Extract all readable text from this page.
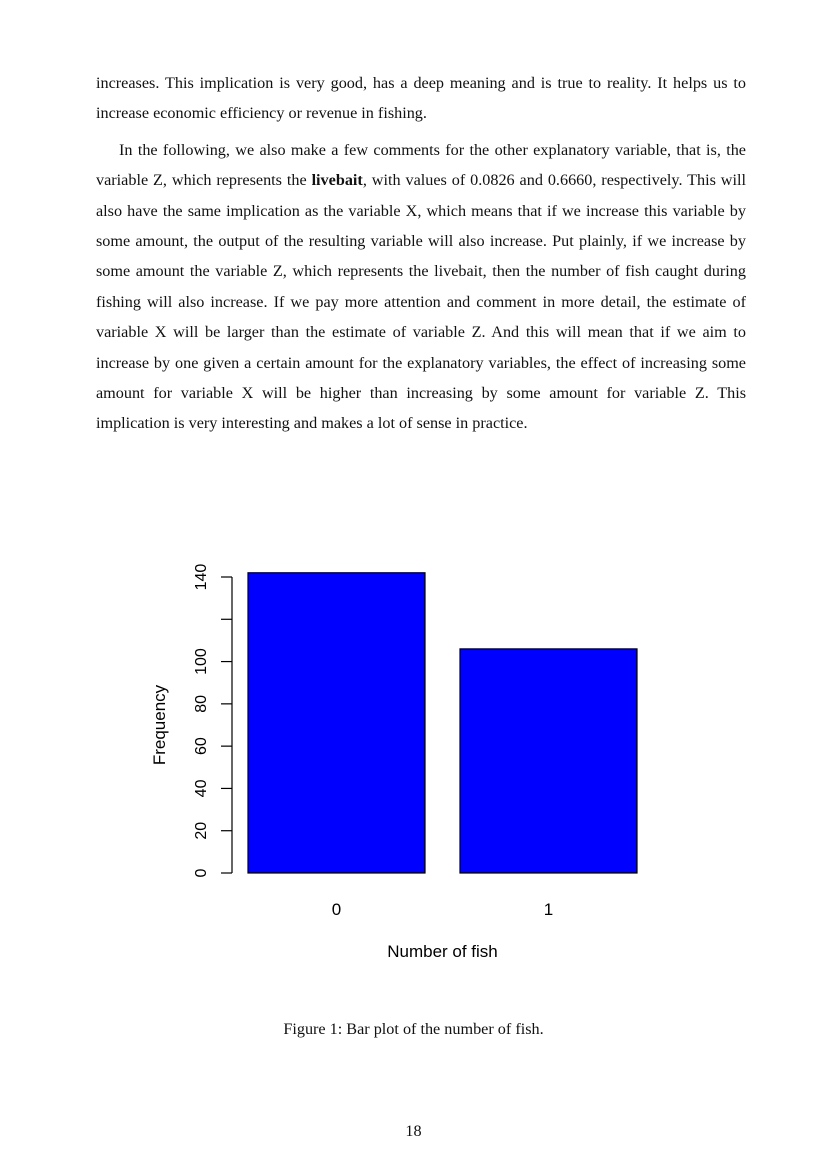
increases. This implication is very good, has a deep meaning and is true to reality. It helps us to increase economic efficiency or revenue in fishing.

In the following, we also make a few comments for the other explanatory variable, that is, the variable Z, which represents the livebait, with values of 0.0826 and 0.6660, respectively. This will also have the same implication as the variable X, which means that if we increase this variable by some amount, the output of the resulting variable will also increase. Put plainly, if we increase by some amount the variable Z, which represents the livebait, then the number of fish caught during fishing will also increase. If we pay more attention and comment in more detail, the estimate of variable X will be larger than the estimate of variable Z. And this will mean that if we aim to increase by one given a certain amount for the explanatory variables, the effect of increasing some amount for variable X will be higher than increasing by some amount for variable Z. This implication is very interesting and makes a lot of sense in practice.

0
20
40
60
80
100
140
Frequency
0	1
Number of fish
Figure 1: Bar plot of the number of fish.
18
